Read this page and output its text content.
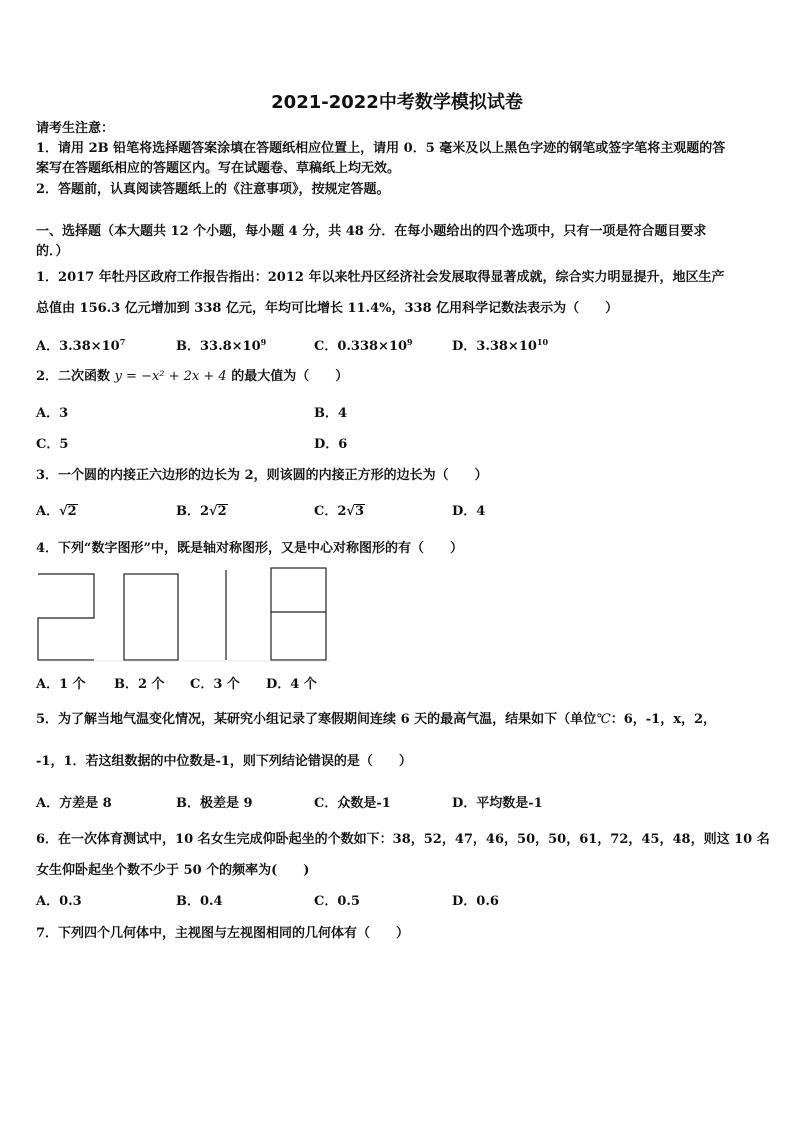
2021-2022中考数学模拟试卷
请考生注意：
1．请用 2B 铅笔将选择题答案涂填在答题纸相应位置上，请用 0．5 毫米及以上黑色字迹的钢笔或签字笔将主观题的答
案写在答题纸相应的答题区内。写在试题卷、草稿纸上均无效。
2．答题前，认真阅读答题纸上的《注意事项》，按规定答题。
一、选择题（本大题共 12 个小题，每小题 4 分，共 48 分．在每小题给出的四个选项中，只有一项是符合题目要求
的．）
1．2017 年牡丹区政府工作报告指出：2012 年以来牡丹区经济社会发展取得显著成就，综合实力明显提升，地区生产
总值由 156.3 亿元增加到 338 亿元，年均可比增长 11.4%，338 亿用科学记数法表示为（　　）
A．$3.38\times 10^7$	B．$33.8\times 10^9$	C．$0.338\times 10^9$	D．$3.38\times 10^{10}$
2．二次函数 y = −x² + 2x + 4 的最大值为（　　）
A．3	B．4
C．5	D．6
3．一个圆的内接正六边形的边长为 2，则该圆的内接正方形的边长为（　　）
A．√2	B．2√2	C．2√3	D．4
4．下列“数字图形”中，既是轴对称图形，又是中心对称图形的有（　　）
A．1 个 B．2 个 C．3 个 D．4 个
5．为了解当地气温变化情况，某研究小组记录了寒假期间连续 6 天的最高气温，结果如下（单位℃：6，-1，x，2，
-1，1．若这组数据的中位数是-1，则下列结论错误的是（　　）
A．方差是 8	B．极差是 9	C．众数是-1	D．平均数是-1
6．在一次体育测试中，10 名女生完成仰卧起坐的个数如下：38，52，47，46，50，50，61，72，45，48，则这 10 名
女生仰卧起坐个数不少于 50 个的频率为(　　)
A．0.3	B．0.4	C．0.5	D．0.6
7．下列四个几何体中，主视图与左视图相同的几何体有（　　）
